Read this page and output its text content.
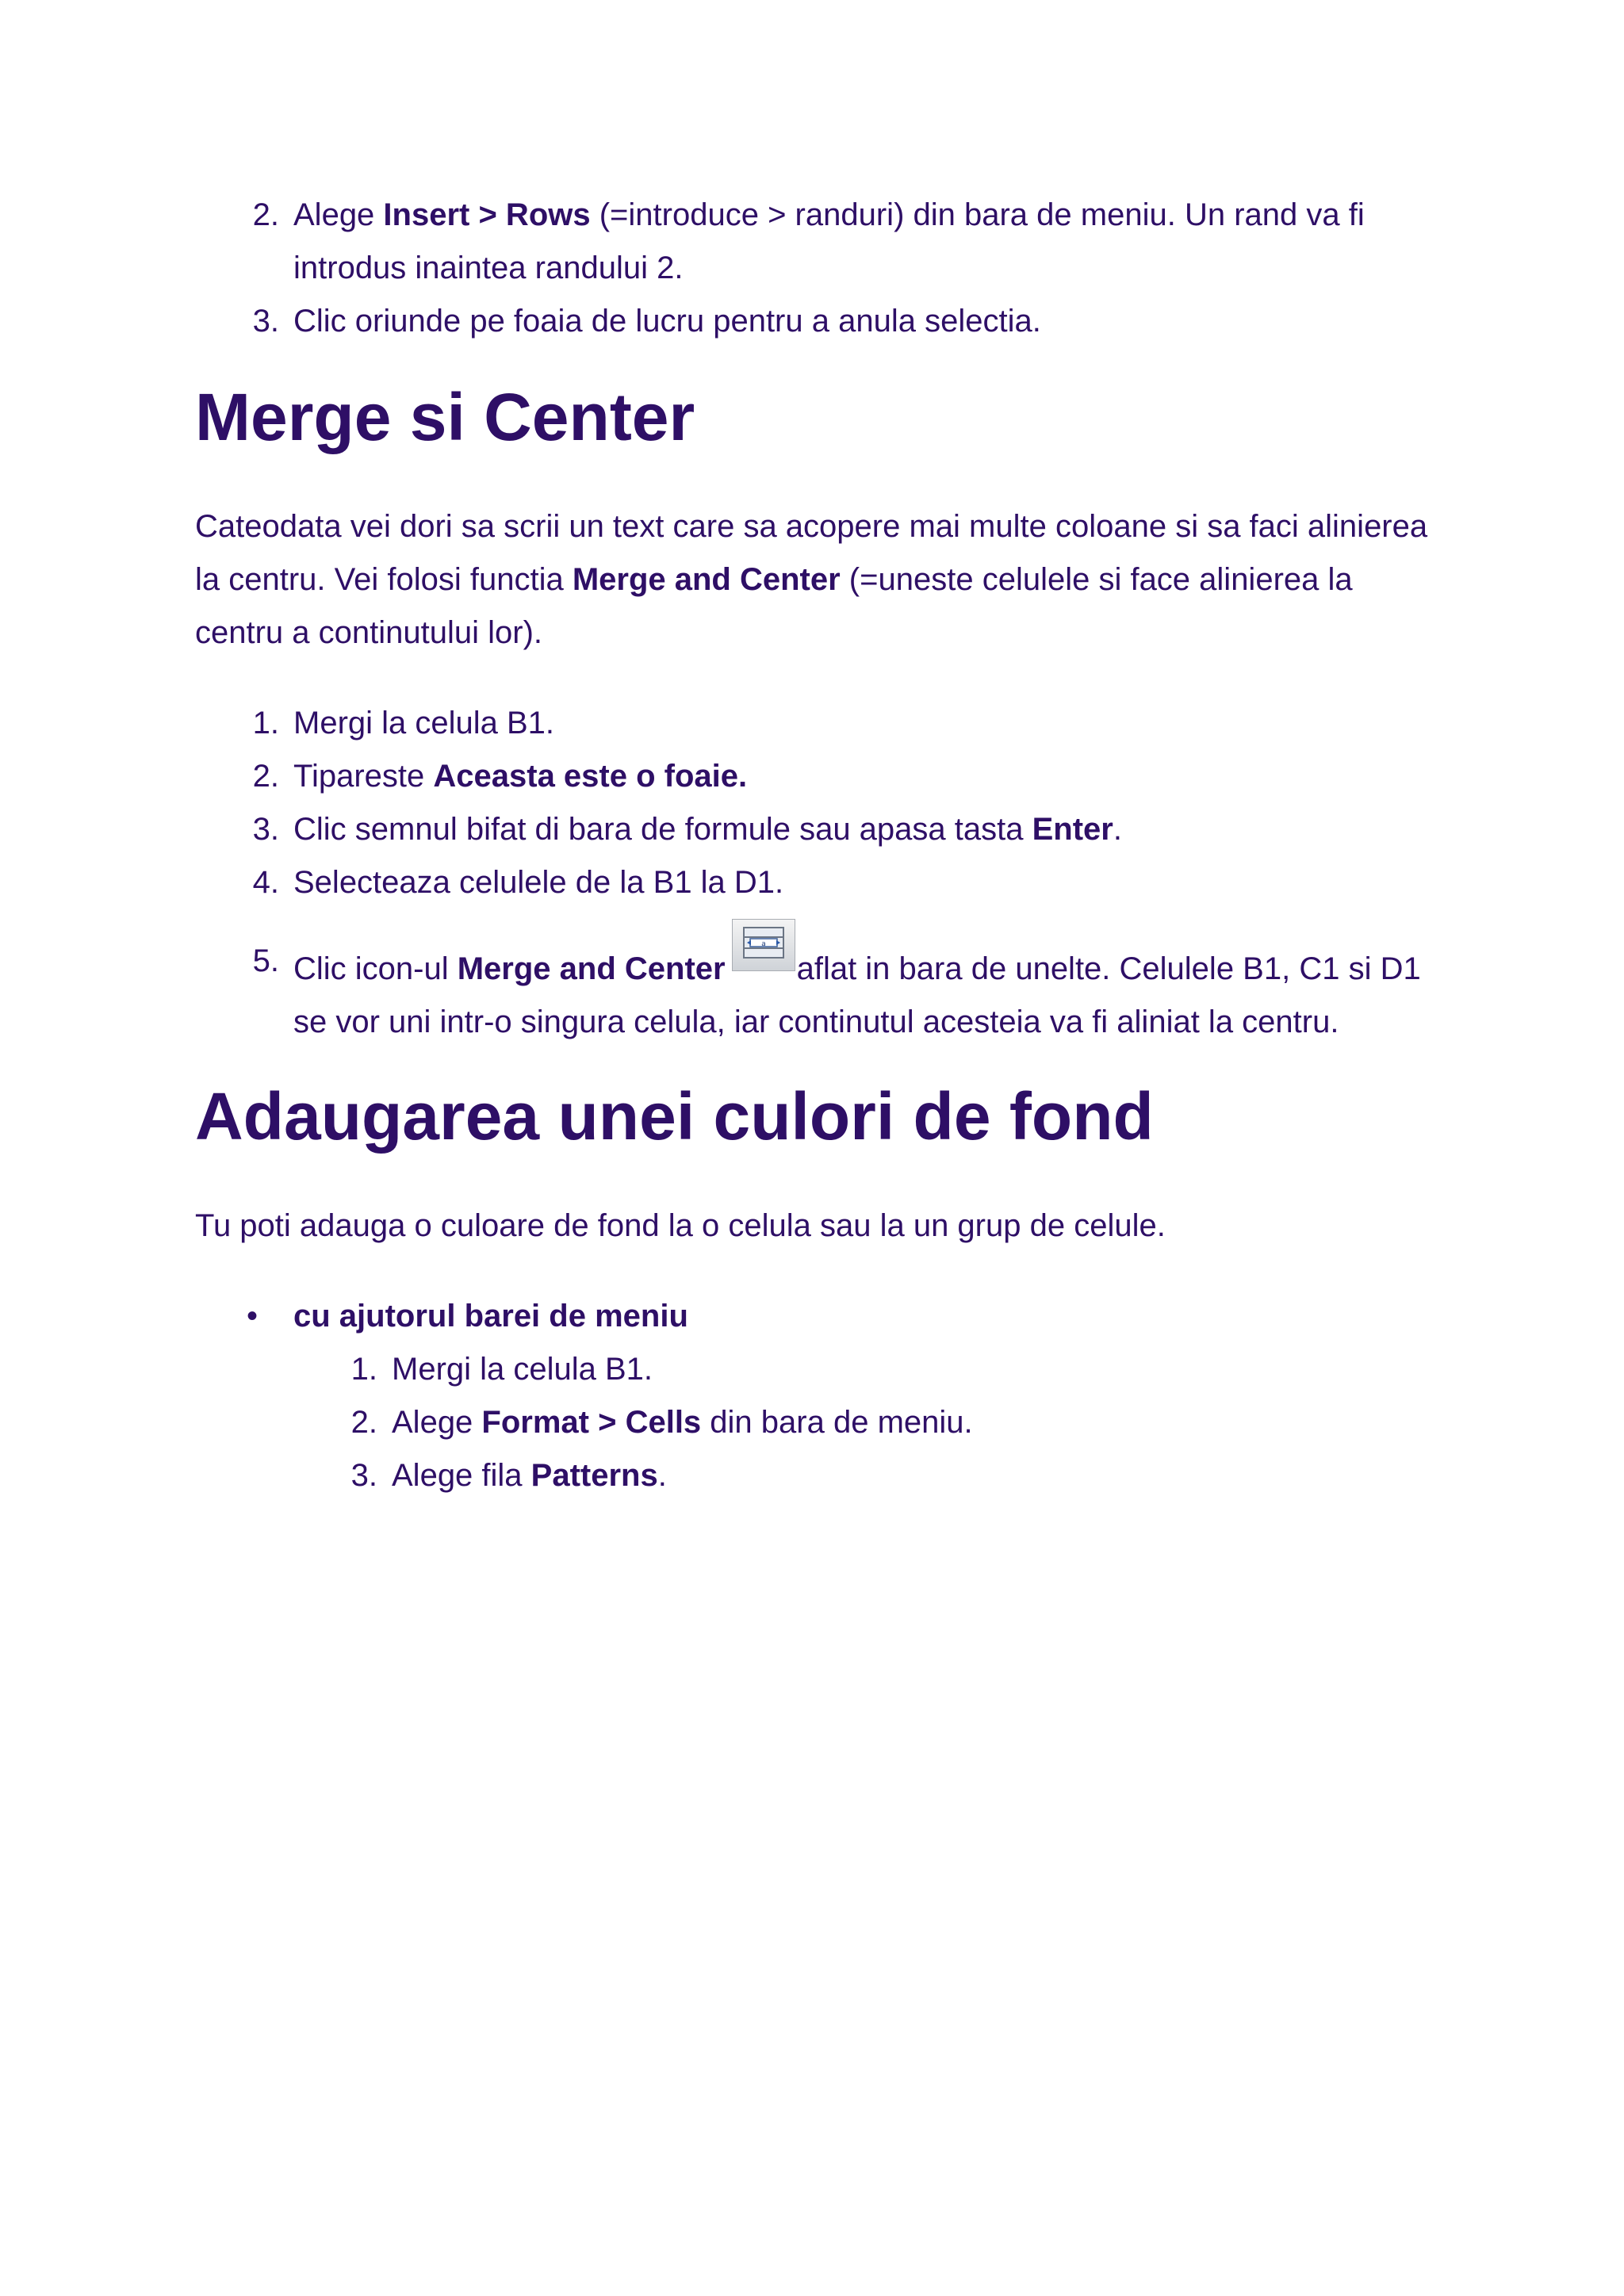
2. Alege Insert > Rows (=introduce > randuri) din bara de meniu. Un rand va fi introdus inaintea randului 2.
3. Clic oriunde pe foaia de lucru pentru a anula selectia.
Merge si Center

Cateodata vei dori sa scrii un text care sa acopere mai multe coloane si sa faci alinierea la centru. Vei folosi functia Merge and Center (=uneste celulele si face alinierea la centru a continutului lor).

1. Mergi la celula B1.
2. Tipareste Aceasta este o foaie.
3. Clic semnul bifat di bara de formule sau apasa tasta Enter.
4. Selecteaza celulele de la B1 la D1.
5. Clic icon-ul Merge and Center
a
aflat in bara de unelte. Celulele B1, C1 si D1 se vor uni intr-o singura celula, iar continutul acesteia va fi aliniat la centru.
Adaugarea unei culori de fond

Tu poti adauga o culoare de fond la o celula sau la un grup de celule.

• cu ajutorul barei de meniu
1. Mergi la celula B1.
2. Alege Format > Cells din bara de meniu.
3. Alege fila Patterns.
